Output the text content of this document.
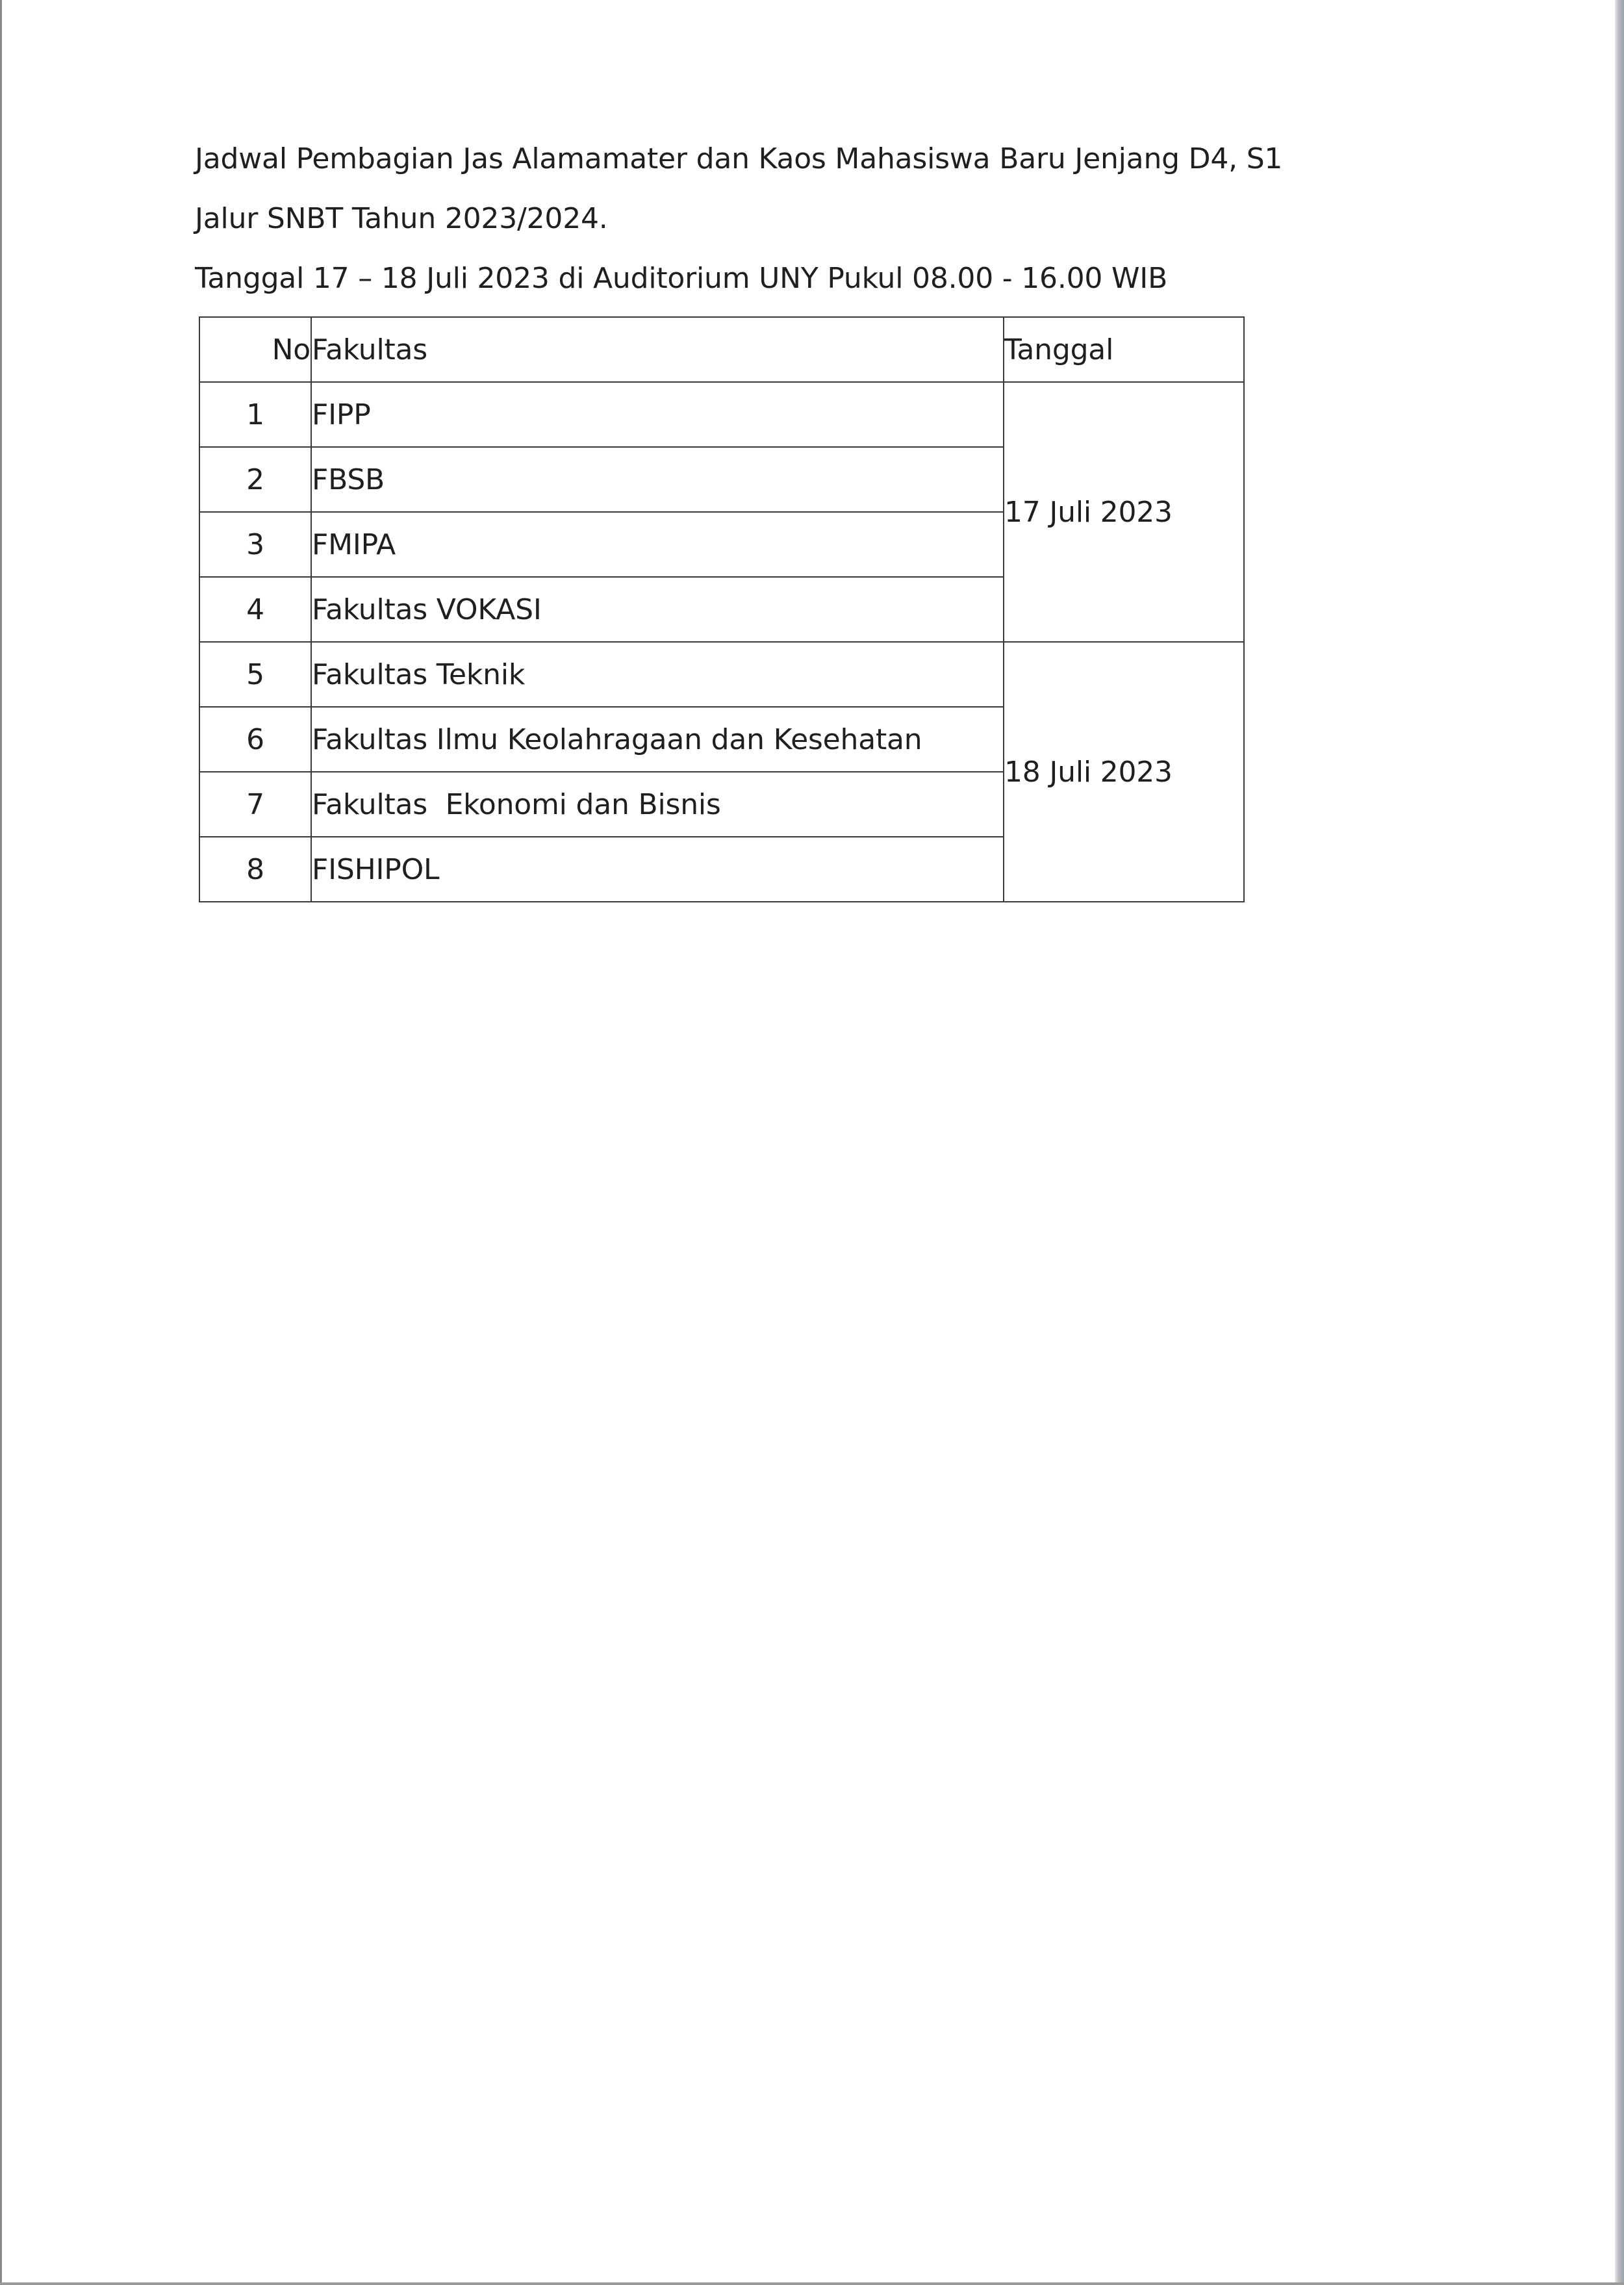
Jadwal Pembagian Jas Alamamater dan Kaos Mahasiswa Baru Jenjang D4, S1
Jalur SNBT Tahun 2023/2024.
Tanggal 17 – 18 Juli 2023 di Auditorium UNY Pukul 08.00 - 16.00 WIB
No	Fakultas	Tanggal
1	FIPP	17 Juli 2023
2	FBSB	
3	FMIPA	
4	Fakultas VOKASI	
5	Fakultas Teknik	18 Juli 2023
6	Fakultas Ilmu Keolahragaan dan Kesehatan	
7	Fakultas  Ekonomi dan Bisnis	
8	FISHIPOL	
